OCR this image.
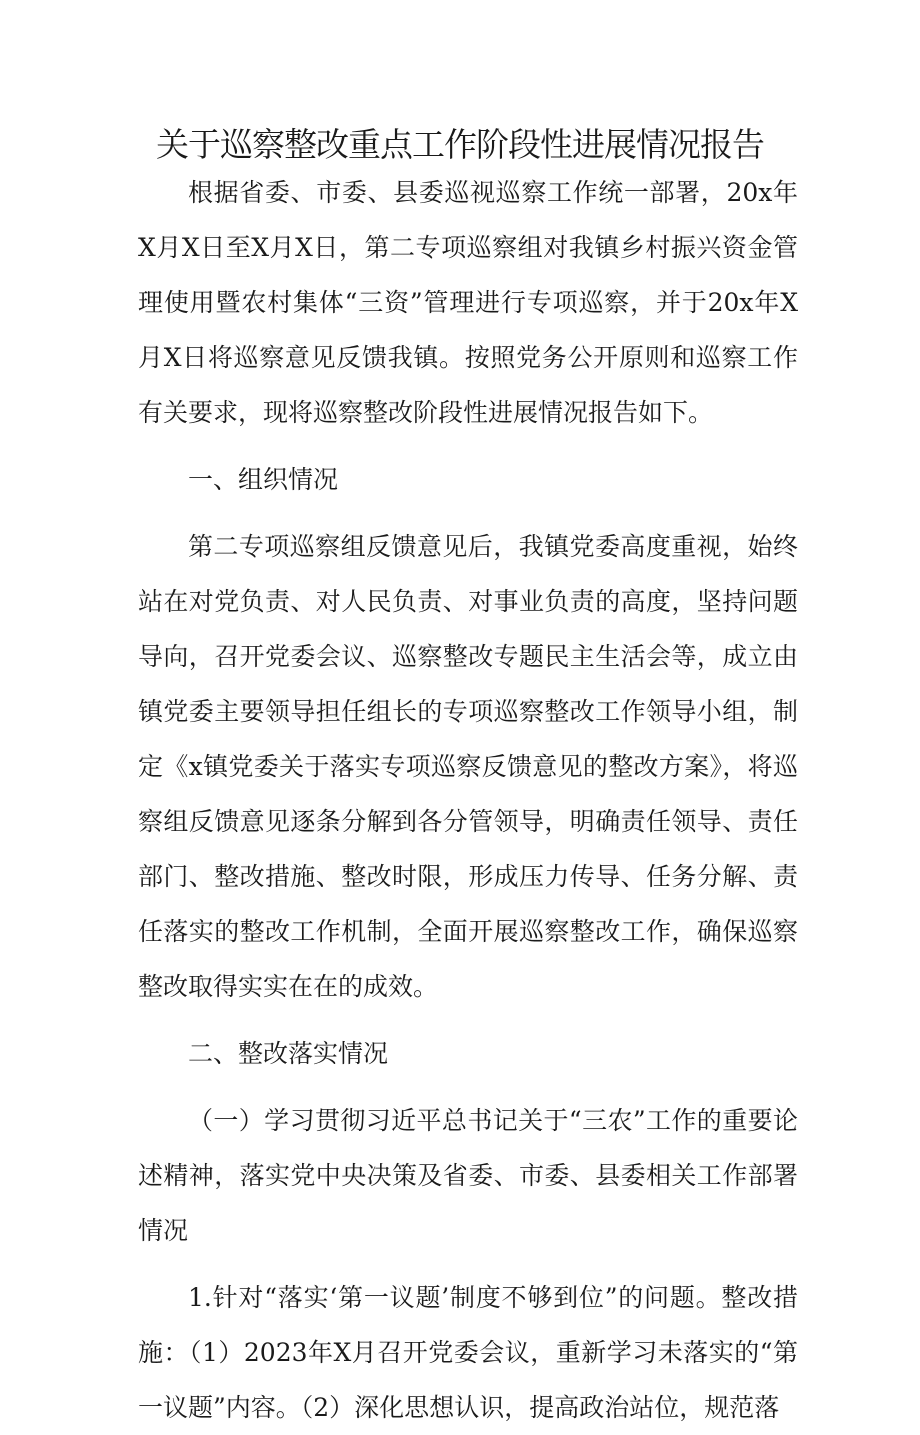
关于巡察整改重点工作阶段性进展情况报告

根据省委、市委、县委巡视巡察工作统一部署，20x年X月X日至X月X日，第二专项巡察组对我镇乡村振兴资金管理使用暨农村集体“三资”管理进行专项巡察，并于20x年X月X日将巡察意见反馈我镇。按照党务公开原则和巡察工作有关要求，现将巡察整改阶段性进展情况报告如下。

一、组织情况

第二专项巡察组反馈意见后，我镇党委高度重视，始终站在对党负责、对人民负责、对事业负责的高度，坚持问题导向，召开党委会议、巡察整改专题民主生活会等，成立由镇党委主要领导担任组长的专项巡察整改工作领导小组，制定《x镇党委关于落实专项巡察反馈意见的整改方案》，将巡察组反馈意见逐条分解到各分管领导，明确责任领导、责任部门、整改措施、整改时限，形成压力传导、任务分解、责任落实的整改工作机制，全面开展巡察整改工作，确保巡察整改取得实实在在的成效。

二、整改落实情况

（一）学习贯彻习近平总书记关于“三农”工作的重要论述精神，落实党中央决策及省委、市委、县委相关工作部署情况

1.针对“落实‘第一议题’制度不够到位”的问题。整改措施：（1）2023年X月召开党委会议，重新学习未落实的“第一议题”内容。（2）深化思想认识，提高政治站位，规范落
